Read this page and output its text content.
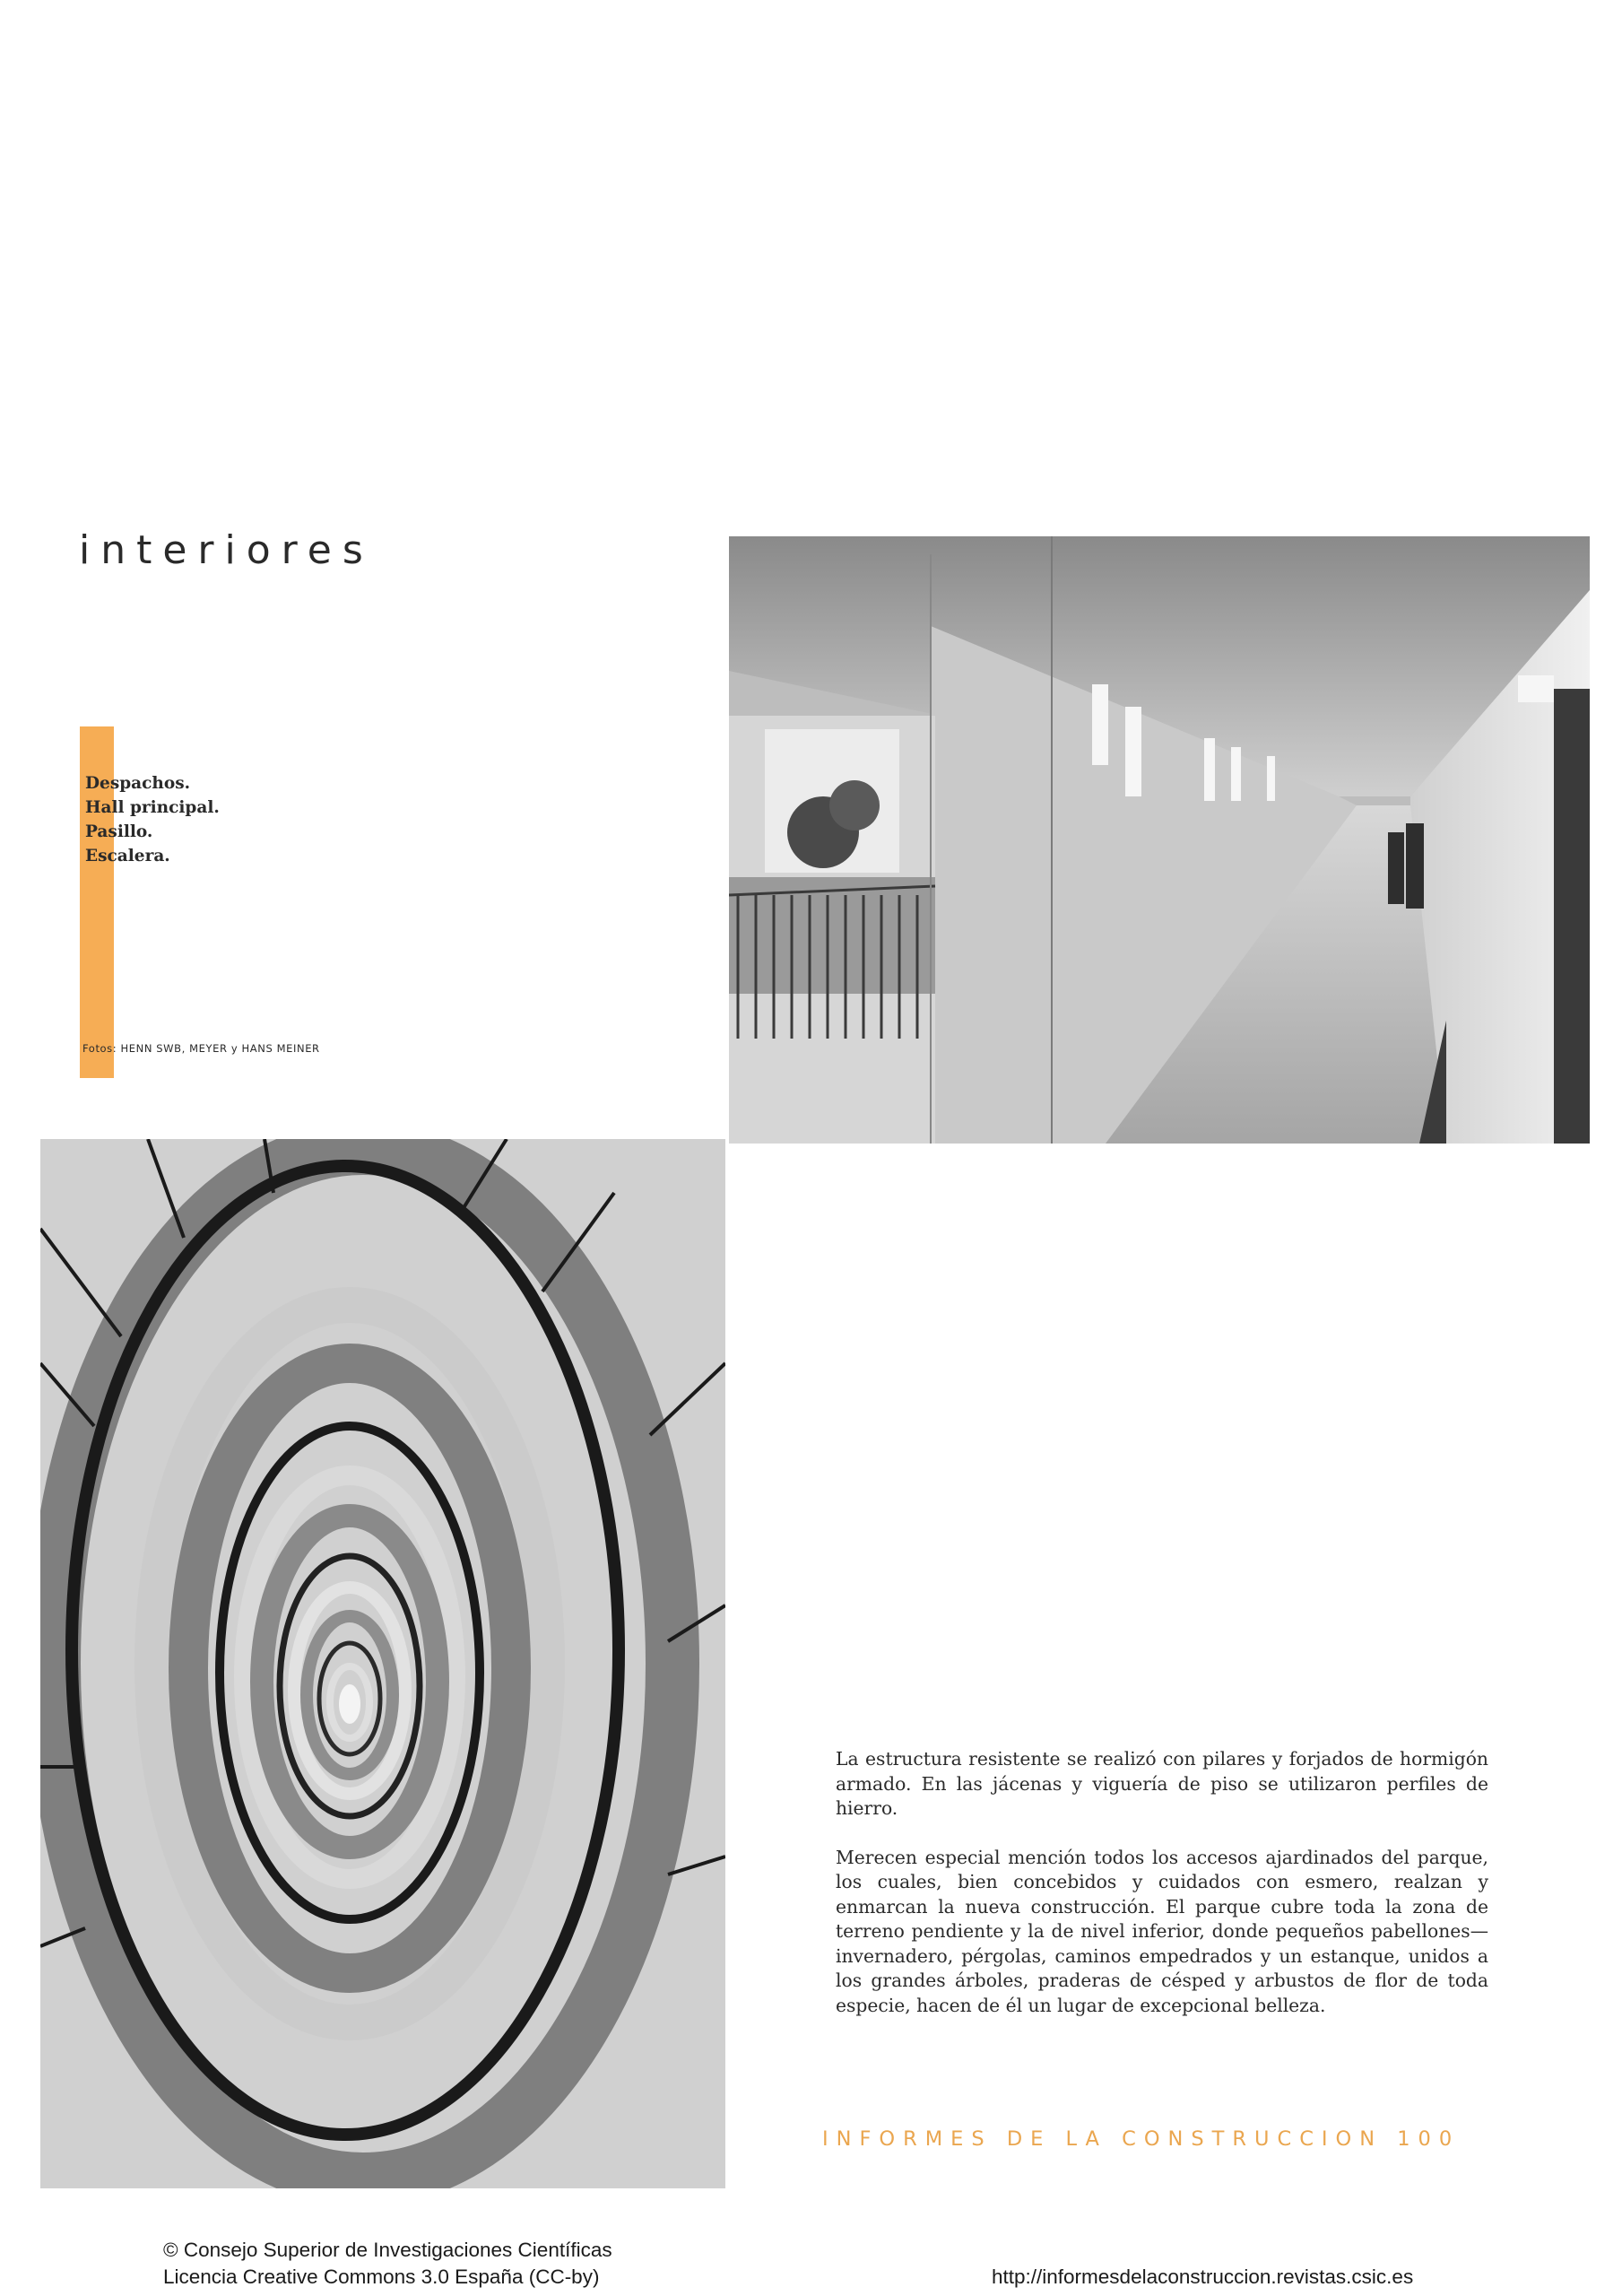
interiores
Despachos.
Hall principal.
Pasillo.
Escalera.
Fotos: HENN SWB, MEYER y HANS MEINER

La estructura resistente se realizó con pilares y forjados de hormigón armado. En las jácenas y viguería de piso se utilizaron perfiles de hierro.

Merecen especial mención todos los accesos ajardinados del parque, los cuales, bien concebidos y cuidados con esmero, realzan y enmarcan la nueva construcción. El parque cubre toda la zona de terreno pendiente y la de nivel inferior, donde pequeños pabellones—invernadero, pérgolas, caminos empedrados y un estanque, unidos a los grandes árboles, praderas de césped y arbustos de flor de toda especie, hacen de él un lugar de excepcional belleza.

INFORMES DE LA CONSTRUCCION 100
© Consejo Superior de Investigaciones Científicas
Licencia Creative Commons 3.0 España (CC-by)	http://informesdelaconstruccion.revistas.csic.es
